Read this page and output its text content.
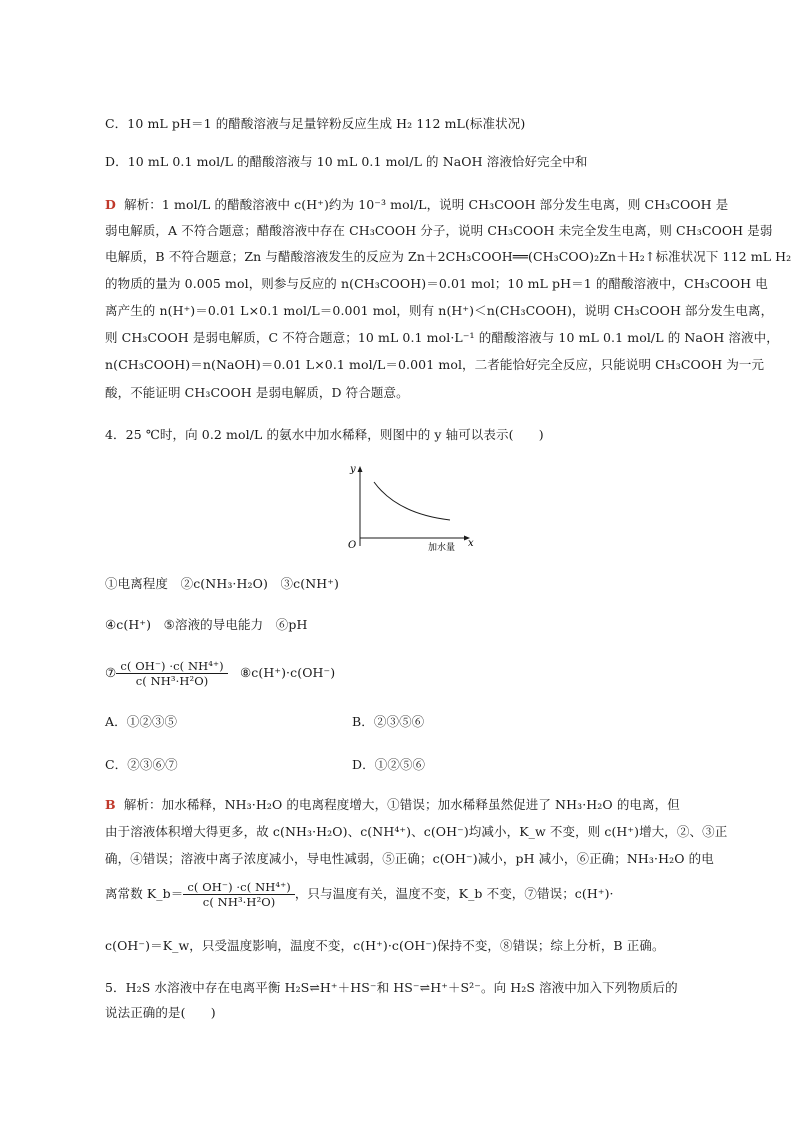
C．10 mL pH＝1 的醋酸溶液与足量锌粉反应生成 H₂ 112 mL(标准状况)
D．10 mL 0.1 mol/L 的醋酸溶液与 10 mL 0.1 mol/L 的 NaOH 溶液恰好完全中和
D 解析：1 mol/L 的醋酸溶液中 c(H⁺)约为 10⁻³ mol/L，说明 CH₃COOH 部分发生电离，则 CH₃COOH 是
弱电解质，A 不符合题意；醋酸溶液中存在 CH₃COOH 分子，说明 CH₃COOH 未完全发生电离，则 CH₃COOH 是弱
电解质，B 不符合题意；Zn 与醋酸溶液发生的反应为 Zn＋2CH₃COOH══(CH₃COO)₂Zn＋H₂↑标准状况下 112 mL H₂
的物质的量为 0.005 mol，则参与反应的 n(CH₃COOH)＝0.01 mol；10 mL pH＝1 的醋酸溶液中，CH₃COOH 电
离产生的 n(H⁺)＝0.01 L×0.1 mol/L＝0.001 mol，则有 n(H⁺)＜n(CH₃COOH)，说明 CH₃COOH 部分发生电离，
则 CH₃COOH 是弱电解质，C 不符合题意；10 mL 0.1 mol·L⁻¹ 的醋酸溶液与 10 mL 0.1 mol/L 的 NaOH 溶液中，
n(CH₃COOH)＝n(NaOH)＝0.01 L×0.1 mol/L＝0.001 mol，二者能恰好完全反应，只能说明 CH₃COOH 为一元
酸，不能证明 CH₃COOH 是弱电解质，D 符合题意。
4．25 ℃时，向 0.2 mol/L 的氨水中加水稀释，则图中的 y 轴可以表示(　　)
y
O	加水量 x
①电离程度　②c(NH₃·H₂O)　③c(NH⁺)
④c(H⁺)　⑤溶液的导电能力　⑥pH
⑦ $\frac{\text{c( OH⁻) ·c( NH⁴⁺)}}{\text{c( NH³·H²O)}}$ ⑧c(H⁺)·c(OH⁻)
A．①②③⑤	B．②③⑤⑥
C．②③⑥⑦	D．①②⑤⑥
B 解析：加水稀释，NH₃·H₂O 的电离程度增大，①错误；加水稀释虽然促进了 NH₃·H₂O 的电离，但
由于溶液体积增大得更多，故 c(NH₃·H₂O)、c(NH⁴⁺)、c(OH⁻)均减小，K_w 不变，则 c(H⁺)增大，②、③正
确，④错误；溶液中离子浓度减小，导电性减弱，⑤正确；c(OH⁻)减小，pH 减小，⑥正确；NH₃·H₂O 的电
离常数 K_b＝ $\frac{\text{c( OH⁻) ·c( NH⁴⁺)}}{\text{c( NH³·H²O)}}$ ，只与温度有关，温度不变，K_b 不变，⑦错误；c(H⁺)·
c(OH⁻)＝K_w，只受温度影响，温度不变，c(H⁺)·c(OH⁻)保持不变，⑧错误；综上分析，B 正确。
5．H₂S 水溶液中存在电离平衡 H₂S⇌H⁺＋HS⁻和 HS⁻⇌H⁺＋S²⁻。向 H₂S 溶液中加入下列物质后的
说法正确的是(　　)
